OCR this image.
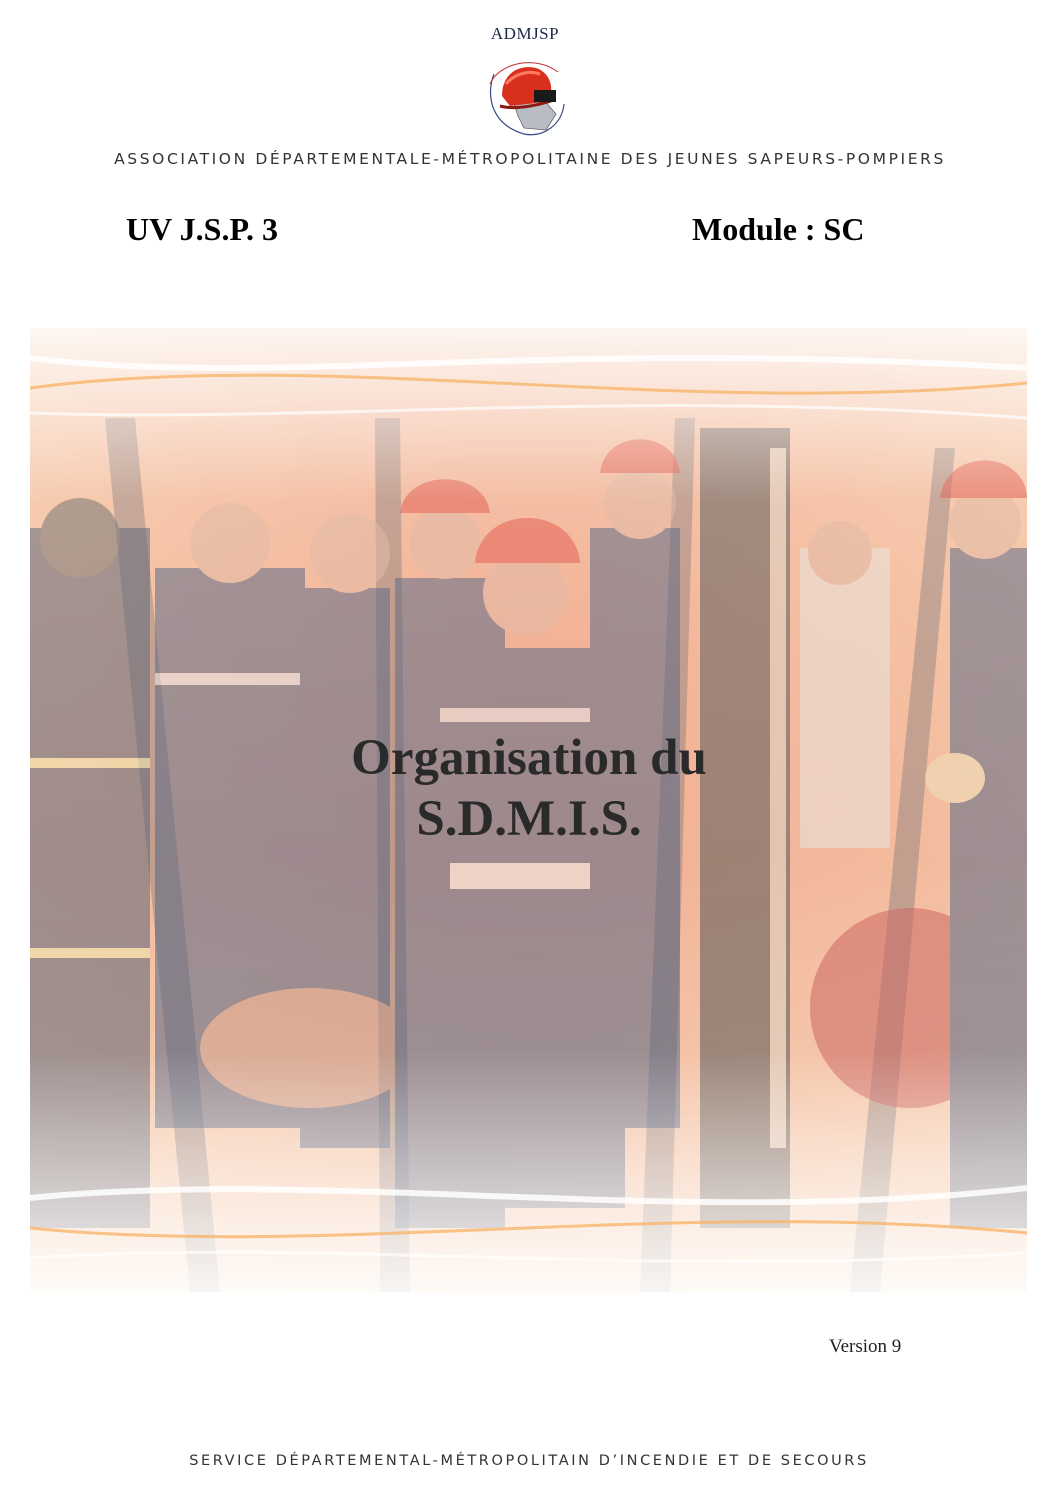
ADMJSP
ASSOCIATION DÉPARTEMENTALE-MÉTROPOLITAINE DES JEUNES SAPEURS-POMPIERS
UV J.S.P. 3	Module : SC
Organisation du
S.D.M.I.S.
Version 9
SERVICE DÉPARTEMENTAL-MÉTROPOLITAIN D’INCENDIE ET DE SECOURS
